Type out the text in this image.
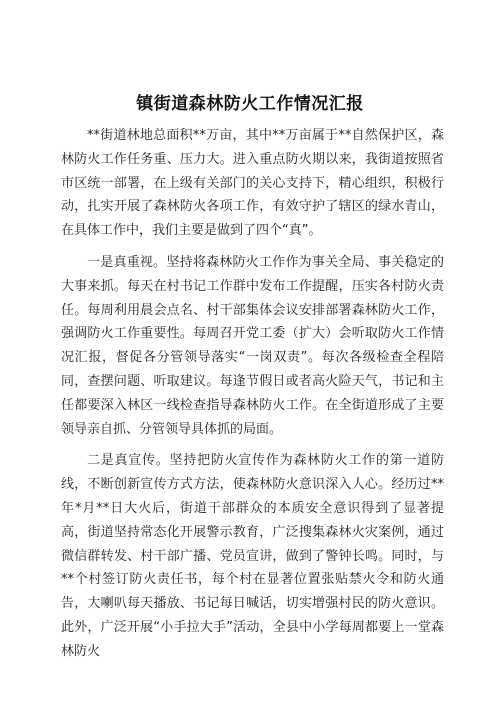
镇街道森林防火工作情况汇报

**街道林地总面积**万亩，其中**万亩属于**自然保护区，森林防火工作任务重、压力大。进入重点防火期以来，我街道按照省市区统一部署，在上级有关部门的关心支持下，精心组织，积极行动，扎实开展了森林防火各项工作，有效守护了辖区的绿水青山，在具体工作中，我们主要是做到了四个“真”。

一是真重视。坚持将森林防火工作作为事关全局、事关稳定的大事来抓。每天在村书记工作群中发布工作提醒，压实各村防火责任。每周利用晨会点名、村干部集体会议安排部署森林防火工作，强调防火工作重要性。每周召开党工委（扩大）会听取防火工作情况汇报，督促各分管领导落实“一岗双责”。每次各级检查全程陪同，查摆问题、听取建议。每逢节假日或者高火险天气，书记和主任都要深入林区一线检查指导森林防火工作。在全街道形成了主要领导亲自抓、分管领导具体抓的局面。

二是真宣传。坚持把防火宣传作为森林防火工作的第一道防线，不断创新宣传方式方法，使森林防火意识深入人心。经历过**年*月**日大火后，街道干部群众的本质安全意识得到了显著提高，街道坚持常态化开展警示教育，广泛搜集森林火灾案例，通过微信群转发、村干部广播、党员宣讲，做到了警钟长鸣。同时，与**个村签订防火责任书，每个村在显著位置张贴禁火令和防火通告，大喇叭每天播放、书记每日喊话，切实增强村民的防火意识。此外，广泛开展“小手拉大手”活动，全县中小学每周都要上一堂森林防火
